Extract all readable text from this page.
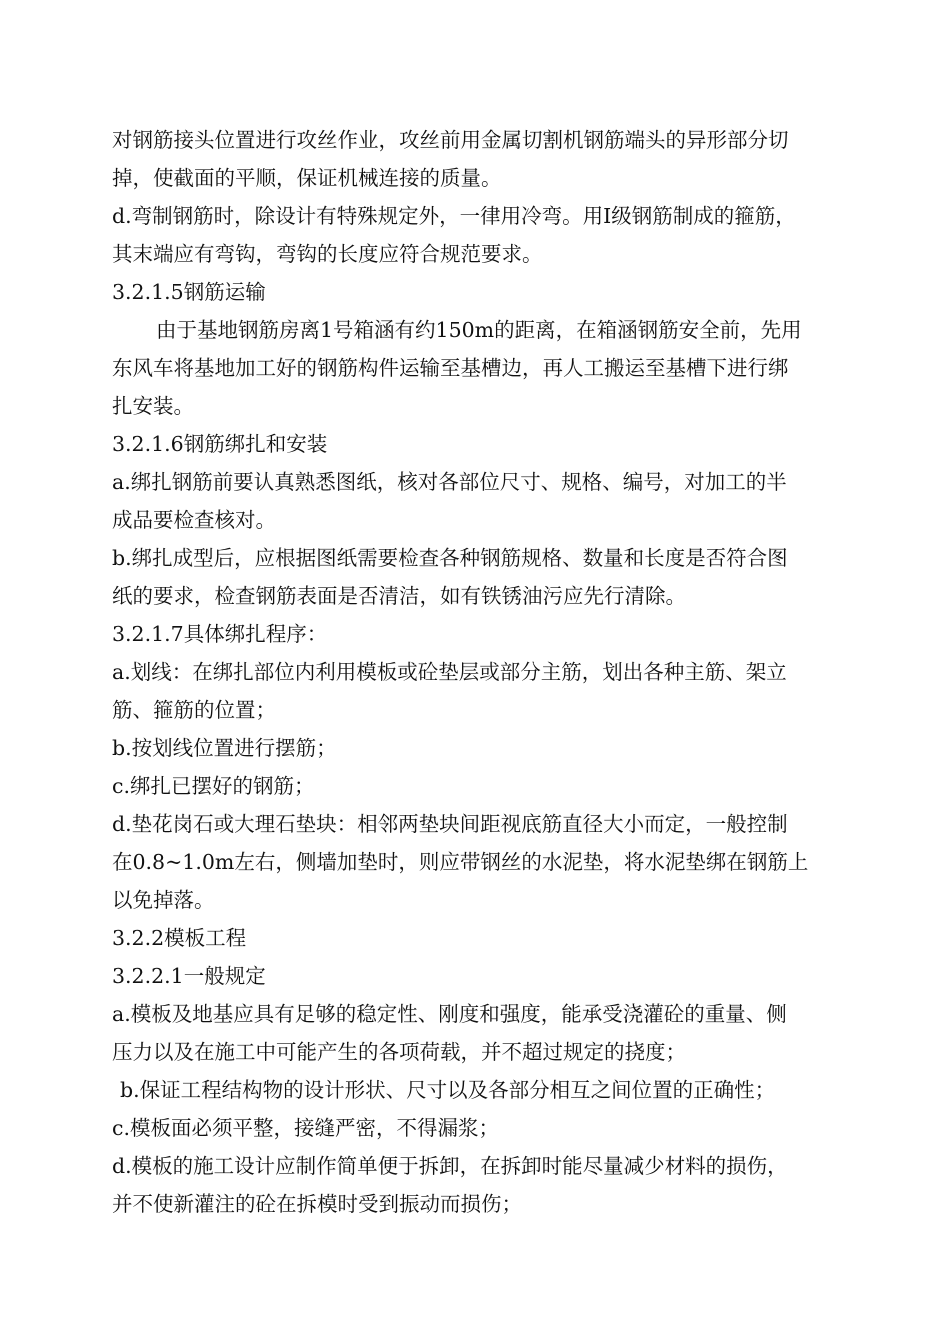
对钢筋接头位置进行攻丝作业，攻丝前用金属切割机钢筋端头的异形部分切
掉，使截面的平顺，保证机械连接的质量。
d.弯制钢筋时，除设计有特殊规定外，一律用冷弯。用Ⅰ级钢筋制成的箍筋，
其末端应有弯钩，弯钩的长度应符合规范要求。
3.2.1.5钢筋运输
由于基地钢筋房离1号箱涵有约150m的距离，在箱涵钢筋安全前，先用
东风车将基地加工好的钢筋构件运输至基槽边，再人工搬运至基槽下进行绑
扎安装。
3.2.1.6钢筋绑扎和安装
a.绑扎钢筋前要认真熟悉图纸，核对各部位尺寸、规格、编号，对加工的半
成品要检查核对。
b.绑扎成型后，应根据图纸需要检查各种钢筋规格、数量和长度是否符合图
纸的要求，检查钢筋表面是否清洁，如有铁锈油污应先行清除。
3.2.1.7具体绑扎程序：
a.划线：在绑扎部位内利用模板或砼垫层或部分主筋，划出各种主筋、架立
筋、箍筋的位置；
b.按划线位置进行摆筋；
c.绑扎已摆好的钢筋；
d.垫花岗石或大理石垫块：相邻两垫块间距视底筋直径大小而定，一般控制
在0.8~1.0m左右，侧墙加垫时，则应带钢丝的水泥垫，将水泥垫绑在钢筋上
以免掉落。
3.2.2模板工程
3.2.2.1一般规定
a.模板及地基应具有足够的稳定性、刚度和强度，能承受浇灌砼的重量、侧
压力以及在施工中可能产生的各项荷载，并不超过规定的挠度；
b.保证工程结构物的设计形状、尺寸以及各部分相互之间位置的正确性；
c.模板面必须平整，接缝严密，不得漏浆；
d.模板的施工设计应制作简单便于拆卸，在拆卸时能尽量减少材料的损伤，
并不使新灌注的砼在拆模时受到振动而损伤；
